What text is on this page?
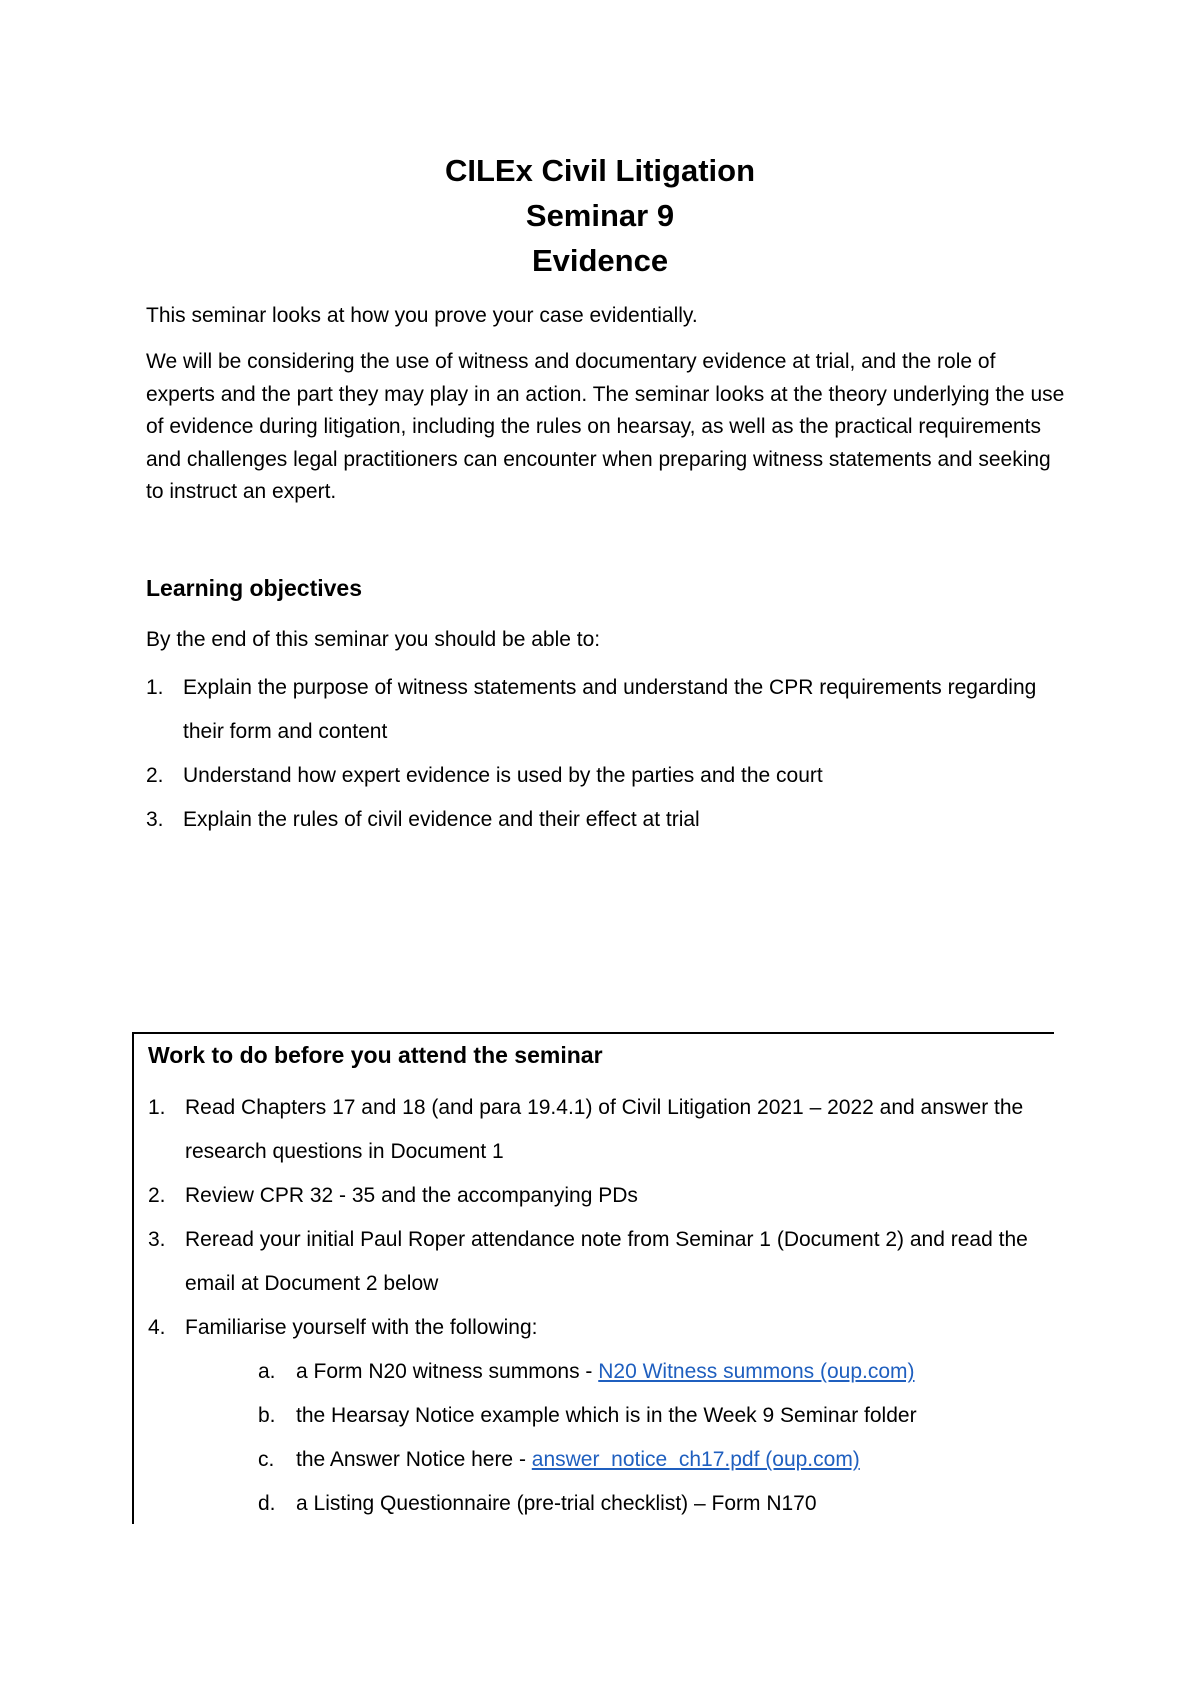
CILEx Civil Litigation
Seminar 9
Evidence
This seminar looks at how you prove your case evidentially.
We will be considering the use of witness and documentary evidence at trial, and the role of experts and the part they may play in an action. The seminar looks at the theory underlying the use of evidence during litigation, including the rules on hearsay, as well as the practical requirements and challenges legal practitioners can encounter when preparing witness statements and seeking to instruct an expert.
Learning objectives
By the end of this seminar you should be able to:
1. Explain the purpose of witness statements and understand the CPR requirements regarding their form and content
2. Understand how expert evidence is used by the parties and the court
3. Explain the rules of civil evidence and their effect at trial
Work to do before you attend the seminar
1. Read Chapters 17 and 18 (and para 19.4.1) of Civil Litigation 2021 – 2022 and answer the research questions in Document 1
2. Review CPR 32 - 35 and the accompanying PDs
3. Reread your initial Paul Roper attendance note from Seminar 1 (Document 2) and read the email at Document 2 below
4. Familiarise yourself with the following:
a. a Form N20 witness summons - N20 Witness summons (oup.com)
b. the Hearsay Notice example which is in the Week 9 Seminar folder
c. the Answer Notice here - answer_notice_ch17.pdf (oup.com)
d. a Listing Questionnaire (pre-trial checklist) – Form N170
